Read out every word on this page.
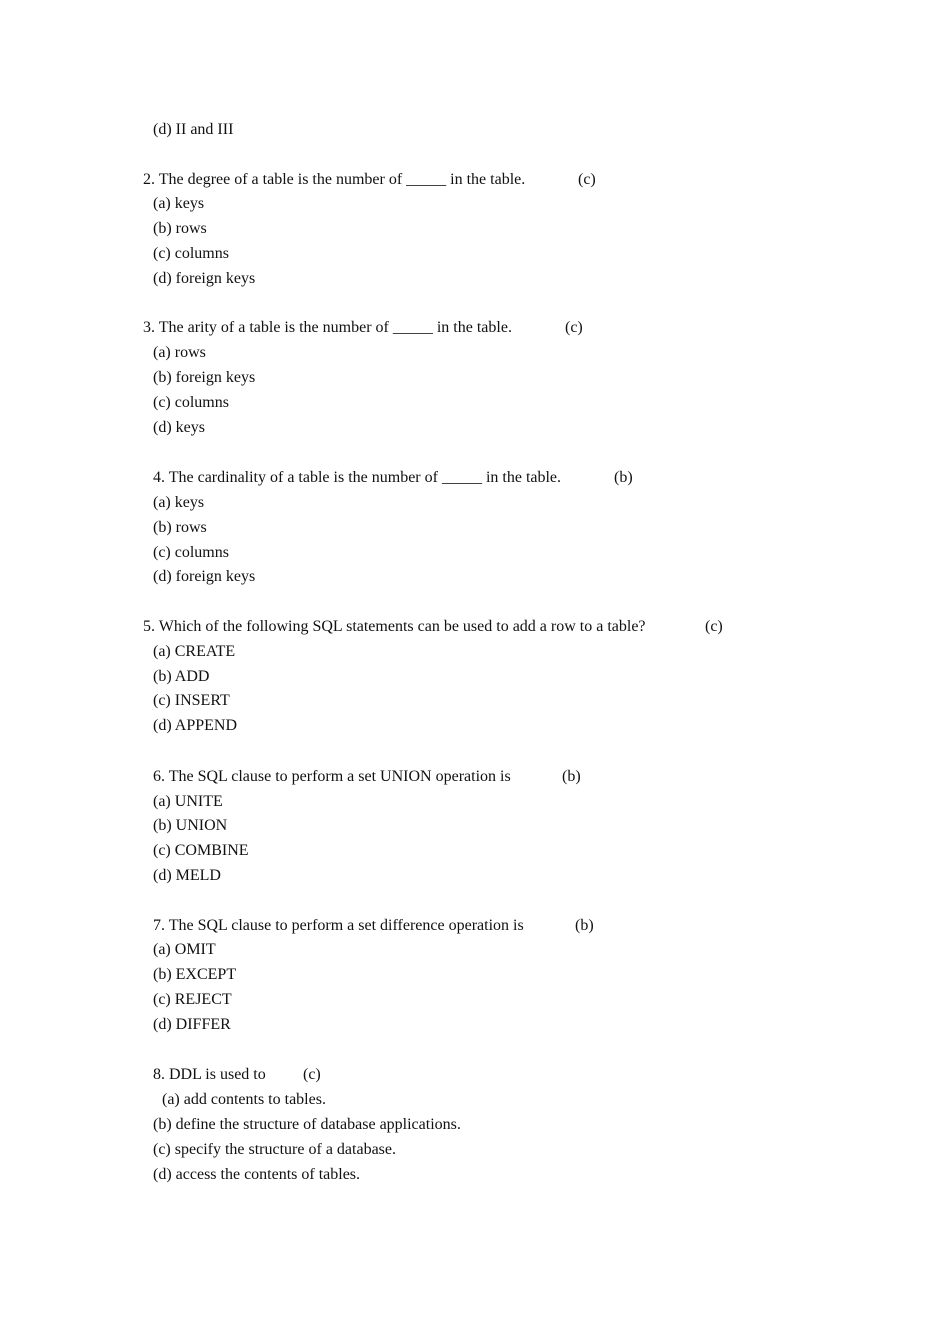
(d) II and III
2. The degree of a table is the number of _____ in the table.	(c)
(a) keys
(b) rows
(c) columns
(d) foreign keys
3. The arity of a table is the number of _____ in the table.	(c)
(a) rows
(b) foreign keys
(c) columns
(d) keys
4. The cardinality of a table is the number of _____ in the table.	(b)
(a) keys
(b) rows
(c) columns
(d) foreign keys
5. Which of the following SQL statements can be used to add a row to a table?	(c)
(a) CREATE
(b) ADD
(c) INSERT
(d) APPEND
6. The SQL clause to perform a set UNION operation is	(b)
(a) UNITE
(b) UNION
(c) COMBINE
(d) MELD
7. The SQL clause to perform a set difference operation is	(b)
(a) OMIT
(b) EXCEPT
(c) REJECT
(d) DIFFER
8. DDL is used to (c)
(a) add contents to tables.
(b) define the structure of database applications.
(c) specify the structure of a database.
(d) access the contents of tables.
